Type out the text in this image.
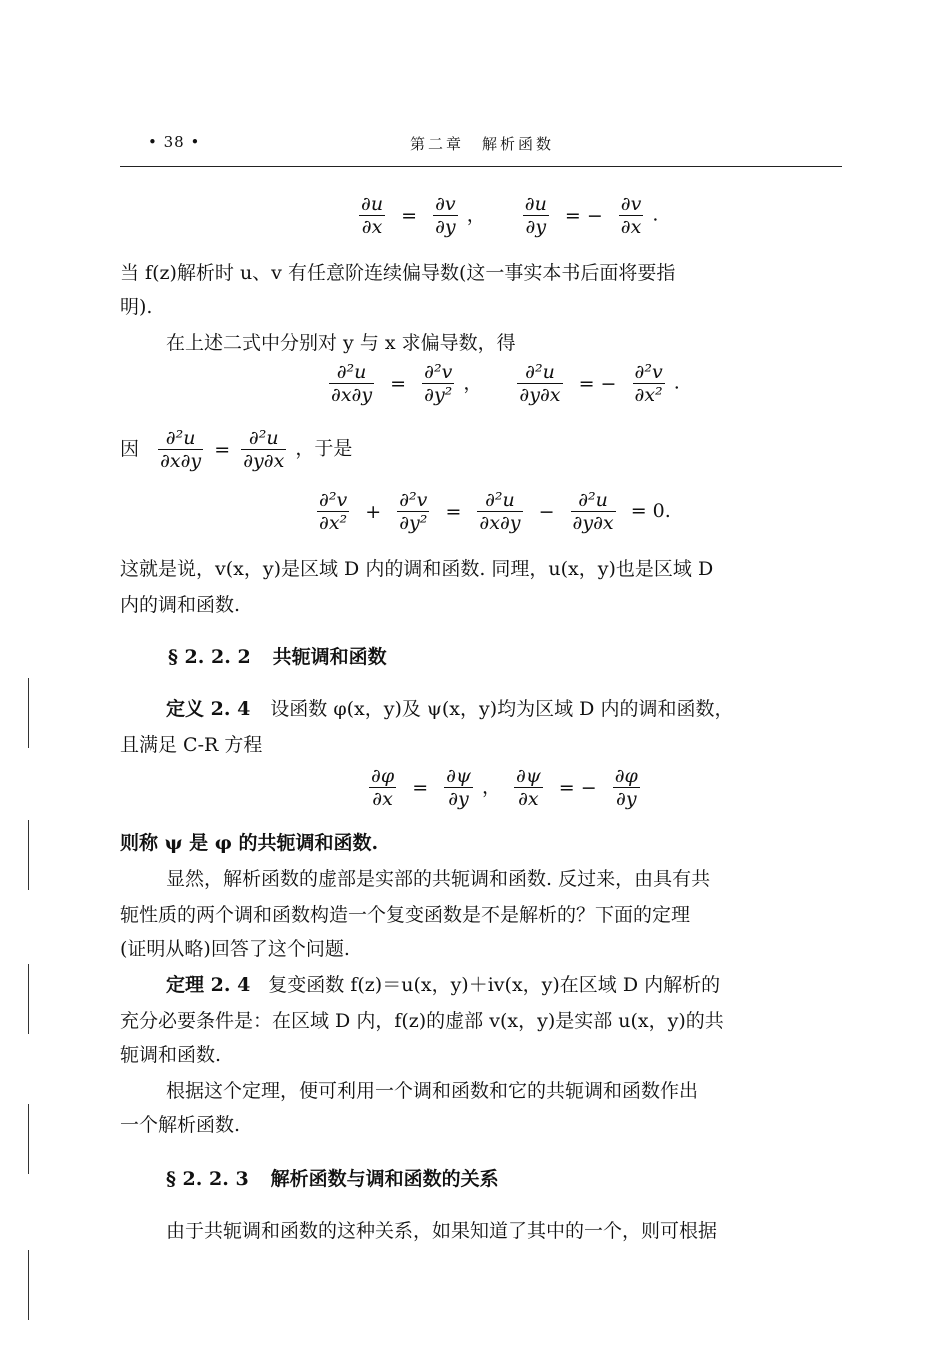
• 38 •	第二章　解析函数
$\frac{\partial u}{\partial x} = \frac{\partial v}{\partial y}$ ， $\frac{\partial u}{\partial y}$ = − $\frac{\partial v}{\partial x}$ .
当 f(z)解析时 u、v 有任意阶连续偏导数(这一事实本书后面将要指
明).
在上述二式中分别对 y 与 x 求偏导数，得
$\frac{\text{∂²u}}{\partial x\partial y} = \frac{\text{∂²v}}{\text{∂y²}}$ ， $\frac{\text{∂²u}}{\partial y\partial x}$ = − $\frac{\text{∂²v}}{\text{∂x²}}$ .
因 $\frac{\text{∂²u}}{\partial x\partial y} = \frac{\text{∂²u}}{\partial y\partial x}$ ，于是
$\frac{\text{∂²v}}{\text{∂x²}} + \frac{\text{∂²v}}{\text{∂y²}} = \frac{\text{∂²u}}{\partial x\partial y} - \frac{\text{∂²u}}{\partial y\partial x} = 0$.
这就是说，v(x，y)是区域 D 内的调和函数. 同理，u(x，y)也是区域 D
内的调和函数.
§ 2. 2. 2 共轭调和函数
定义 2. 4 设函数 φ(x，y)及 ψ(x，y)均为区域 D 内的调和函数，
且满足 C-R 方程
$\frac{\partial\varphi}{\partial x} = \frac{\partial\psi}{\partial y}$ ， $\frac{\partial\psi}{\partial x}$ = − $\frac{\partial\varphi}{\partial y}$
则称 ψ 是 φ 的共轭调和函数.
显然，解析函数的虚部是实部的共轭调和函数. 反过来，由具有共
轭性质的两个调和函数构造一个复变函数是不是解析的？下面的定理
(证明从略)回答了这个问题.
定理 2. 4 复变函数 f(z)＝u(x，y)＋iv(x，y)在区域 D 内解析的
充分必要条件是：在区域 D 内，f(z)的虚部 v(x，y)是实部 u(x，y)的共
轭调和函数.
根据这个定理，便可利用一个调和函数和它的共轭调和函数作出
一个解析函数.
§ 2. 2. 3 解析函数与调和函数的关系
由于共轭调和函数的这种关系，如果知道了其中的一个，则可根据
